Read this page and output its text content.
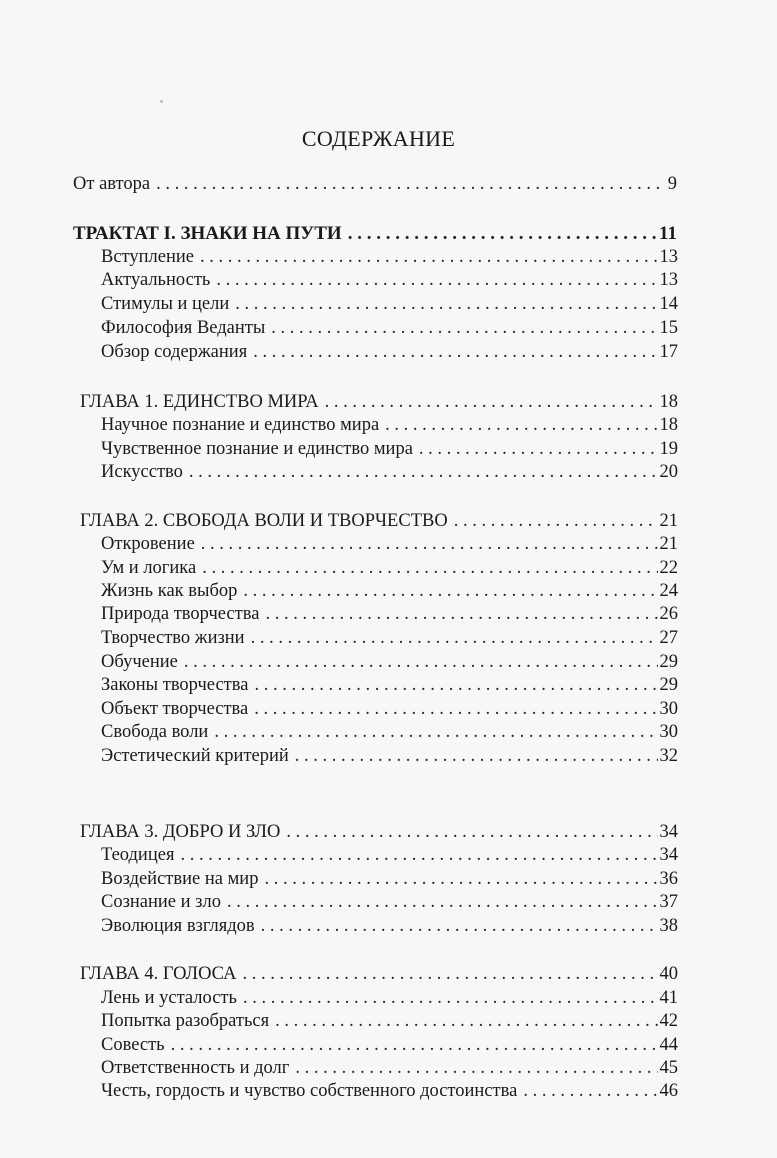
СОДЕРЖАНИЕ
От автора . . .	9
ТРАКТАТ I. ЗНАКИ НА ПУТИ . . .	11
Вступление . . .	13
Актуальность . . .	13
Стимулы и цели . . .	14
Философия Веданты . . .	15
Обзор содержания . . .	17
ГЛАВА 1. ЕДИНСТВО МИРА . . .	18
Научное познание и единство мира . . .	18
Чувственное познание и единство мира . . .	19
Искусство . . .	20
ГЛАВА 2. СВОБОДА ВОЛИ И ТВОРЧЕСТВО . . .	21
Откровение . . .	21
Ум и логика . . .	22
Жизнь как выбор . . .	24
Природа творчества . . .	26
Творчество жизни . . .	27
Обучение . . .	29
Законы творчества . . .	29
Объект творчества . . .	30
Свобода воли . . .	30
Эстетический критерий . . .	32
ГЛАВА 3. ДОБРО И ЗЛО . . .	34
Теодицея . . .	34
Воздействие на мир . . .	36
Сознание и зло . . .	37
Эволюция взглядов . . .	38
ГЛАВА 4. ГОЛОСА . . .	40
Лень и усталость . . .	41
Попытка разобраться . . .	42
Совесть . . .	44
Ответственность и долг . . .	45
Честь, гордость и чувство собственного достоинства . . .	46
